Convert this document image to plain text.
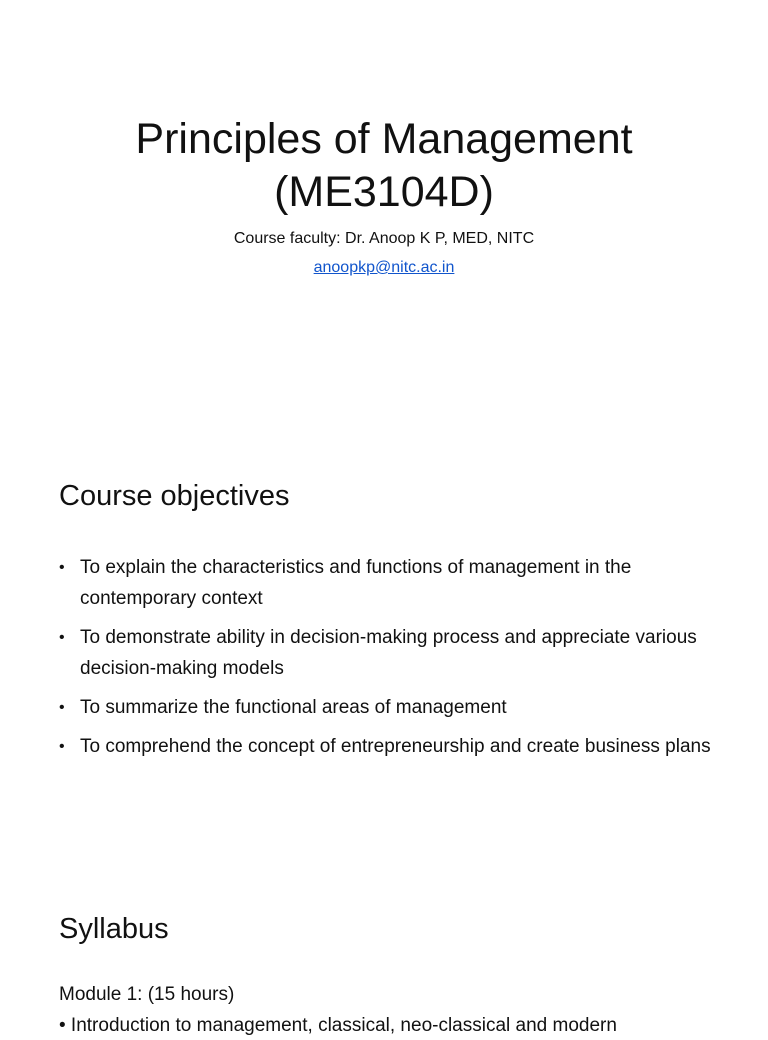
Principles of Management
(ME3104D)
Course faculty: Dr. Anoop K P, MED, NITC
anoopkp@nitc.ac.in
Course objectives
• To explain the characteristics and functions of management in the contemporary context
• To demonstrate ability in decision-making process and appreciate various decision-making models
• To summarize the functional areas of management
• To comprehend the concept of entrepreneurship and create business plans
Syllabus
Module 1: (15 hours)
• Introduction to management, classical, neo-classical and modern
